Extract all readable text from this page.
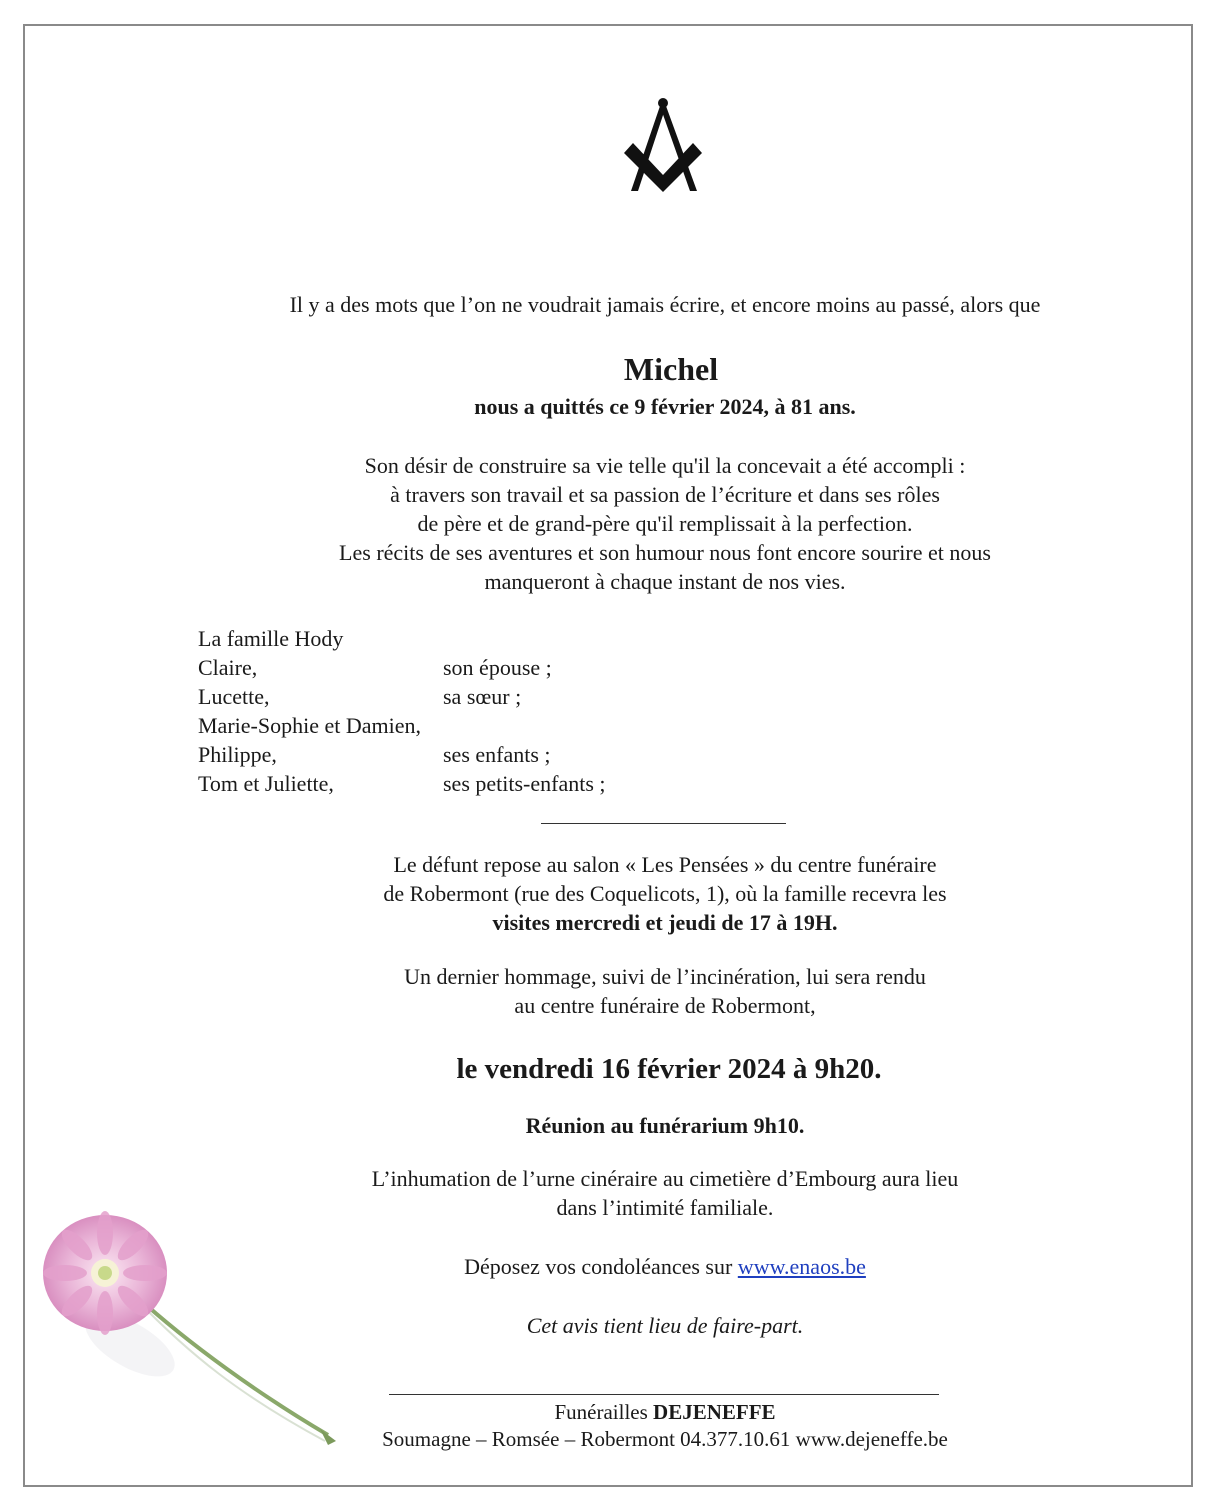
Il y a des mots que l’on ne voudrait jamais écrire, et encore moins au passé, alors que
Michel
nous a quittés ce 9 février 2024, à 81 ans.
Son désir de construire sa vie telle qu'il la concevait a été accompli :
à travers son travail et sa passion de l’écriture et dans ses rôles
de père et de grand-père qu'il remplissait à la perfection.
Les récits de ses aventures et son humour nous font encore sourire et nous
manqueront à chaque instant de nos vies.
La famille Hody
Claire,	son épouse ;
Lucette,	sa sœur ;
Marie-Sophie et Damien,
Philippe,	ses enfants ;
Tom et Juliette,	ses petits-enfants ;
Le défunt repose au salon « Les Pensées » du centre funéraire
de Robermont (rue des Coquelicots, 1), où la famille recevra les
visites mercredi et jeudi de 17 à 19H.
Un dernier hommage, suivi de l’incinération, lui sera rendu
au centre funéraire de Robermont,
le vendredi 16 février 2024 à 9h20.
Réunion au funérarium 9h10.
L’inhumation de l’urne cinéraire au cimetière d’Embourg aura lieu
dans l’intimité familiale.
Déposez vos condoléances sur www.enaos.be
Cet avis tient lieu de faire-part.
Funérailles DEJENEFFE
Soumagne – Romsée – Robermont 04.377.10.61 www.dejeneffe.be
